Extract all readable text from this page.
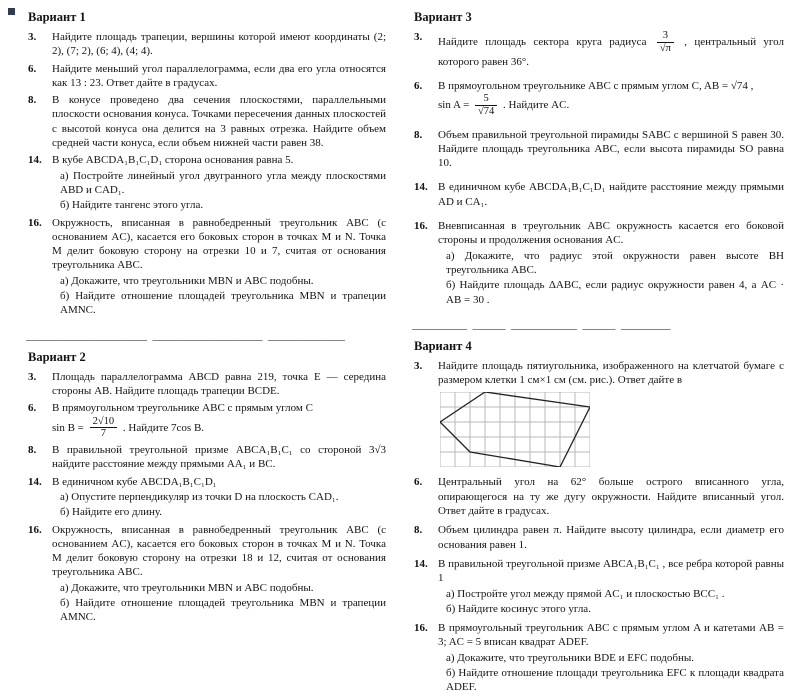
Вариант 1
3.	Найдите площадь трапеции, вершины которой имеют координаты (2; 2), (7; 2), (6; 4), (4; 4).
6.	Найдите меньший угол параллелограмма, если два его угла относятся как 13 : 23. Ответ дайте в градусах.
8.	В конусе проведено два сечения плоскостями, параллельными плоскости основания конуса. Точками пересечения данных плоскостей с высотой конуса она делится на 3 равных отрезка. Найдите объем средней части конуса, если объем нижней части равен 38.
14. В кубе ABCDA₁B₁C₁D₁ сторона основания равна 5.
а) Постройте линейный угол двугранного угла между плоскостями ABD и CAD₁.
б) Найдите тангенс этого угла.
16. Окружность, вписанная в равнобедренный треугольник ABC (с основанием AC), касается его боковых сторон в точках M и N. Точка M делит боковую сторону на отрезки 10 и 7, считая от основания треугольника ABC.
а) Докажите, что треугольники MBN и ABC подобны.
б) Найдите отношение площадей треугольника MBN и трапеции AMNC.
______________________  ____________________  ______________
Вариант 2
3.	Площадь параллелограмма ABCD равна 219, точка E — середина стороны AB. Найдите площадь трапеции BCDE.
6.	В прямоугольном треугольнике ABC с прямым углом C
$\sin B = \frac{2√10}{7}$ . Найдите 7cos B.
8.	В правильной треугольной призме ABCA₁B₁C₁ со стороной 3√3 найдите расстояние между прямыми AA₁ и BC.
14. В единичном кубе ABCDA₁B₁C₁D₁
а) Опустите перпендикуляр из точки D на плоскость CAD₁.
б) Найдите его длину.
16. Окружность, вписанная в равнобедренный треугольник ABC (с основанием AC), касается его боковых сторон в точках M и N. Точка M делит боковую сторону на отрезки 18 и 12, считая от основания треугольника ABC.
а) Докажите, что треугольники MBN и ABC подобны.
б) Найдите отношение площадей треугольника MBN и трапеции AMNC.
Вариант 3
3.	Найдите площадь сектора круга радиуса $\frac{3}{√\pi}$ , центральный угол которого равен 36°.
6.	В прямоугольном треугольнике ABC с прямым углом C, AB = √74 ,
$\sin A = \frac{5}{√74}$ . Найдите AC.
8.	Объем правильной треугольной пирамиды SABC с вершиной S равен 30. Найдите площадь треугольника ABC, если высота пирамиды SO равна 10.
14. В единичном кубе ABCDA₁B₁C₁D₁ найдите расстояние между прямыми AD и CA₁.
16. Вневписанная в треугольник ABC окружность касается его боковой стороны и продолжения основания AC.
а) Докажите, что радиус этой окружности равен высоте BH треугольника ABC.
б) Найдите площадь ΔABC, если радиус окружности равен 4, а AC · AB = 30 .
__________  ______  ____________  ______  _________
Вариант 4
3.	Найдите площадь пятиугольника, изображенного на клетчатой бумаге с размером клетки 1 см×1 см (см. рис.). Ответ дайте в
6.	Центральный угол на 62° больше острого вписанного угла, опирающегося на ту же дугу окружности. Найдите вписанный угол. Ответ дайте в градусах.
8.	Объем цилиндра равен π. Найдите высоту цилиндра, если диаметр его основания равен 1.
14. В правильной треугольной призме ABCA₁B₁C₁ , все ребра которой равны 1
а) Постройте угол между прямой AC₁ и плоскостью BCC₁ .
б) Найдите косинус этого угла.
16. В прямоугольный треугольник ABC с прямым углом A и катетами AB = 3; AC = 5 вписан квадрат ADEF.
а) Докажите, что треугольники BDE и EFC подобны.
б) Найдите отношение площади треугольника EFC к площади квадрата ADEF.
